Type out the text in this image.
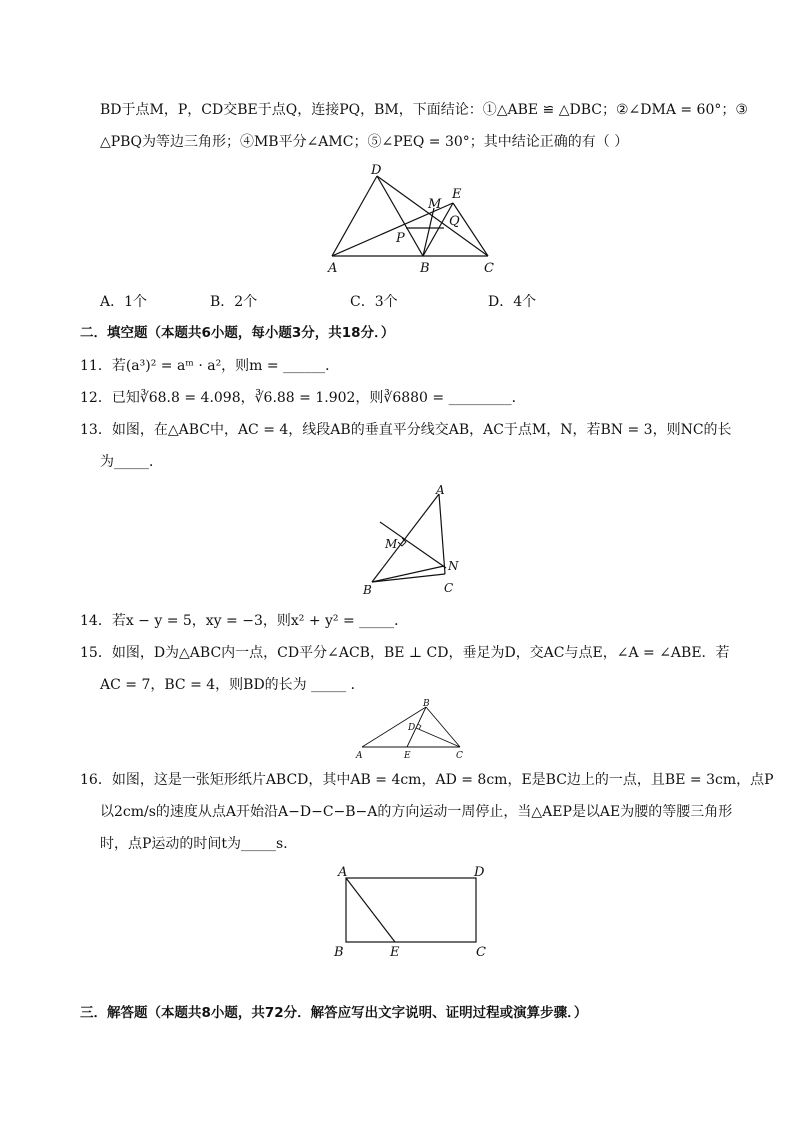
BD于点M，P，CD交BE于点Q，连接PQ，BM，下面结论：①△ABE ≌ △DBC；②∠DMA = 60°；③
△PBQ为等边三角形；④MB平分∠AMC；⑤∠PEQ = 30°；其中结论正确的有（ ）
D
E
M
Q
P
A	B	C
A．1个	B．2个	C．3个	D．4个
二．填空题（本题共6小题，每小题3分，共18分．）
11．若(a³)² = aᵐ · a²，则m = ______．
12．已知∛68.8 = 4.098，∛6.88 = 1.902，则∛6880 = _________．
13．如图，在△ABC中，AC = 4，线段AB的垂直平分线交AB，AC于点M，N，若BN = 3，则NC的长
为_____．
A
M
N
B	C
14．若x − y = 5，xy = −3，则x² + y² = _____．
15．如图，D为△ABC内一点，CD平分∠ACB，BE ⊥ CD，垂足为D，交AC与点E，∠A = ∠ABE．若
AC = 7，BC = 4，则BD的长为 _____ ．
B
D
A	E	C
16．如图，这是一张矩形纸片ABCD，其中AB = 4cm，AD = 8cm，E是BC边上的一点，且BE = 3cm，点P
以2cm/s的速度从点A开始沿A−D−C−B−A的方向运动一周停止，当△AEP是以AE为腰的等腰三角形
时，点P运动的时间t为_____s．
A	D
B	E	C
三．解答题（本题共8小题，共72分．解答应写出文字说明、证明过程或演算步骤．）
